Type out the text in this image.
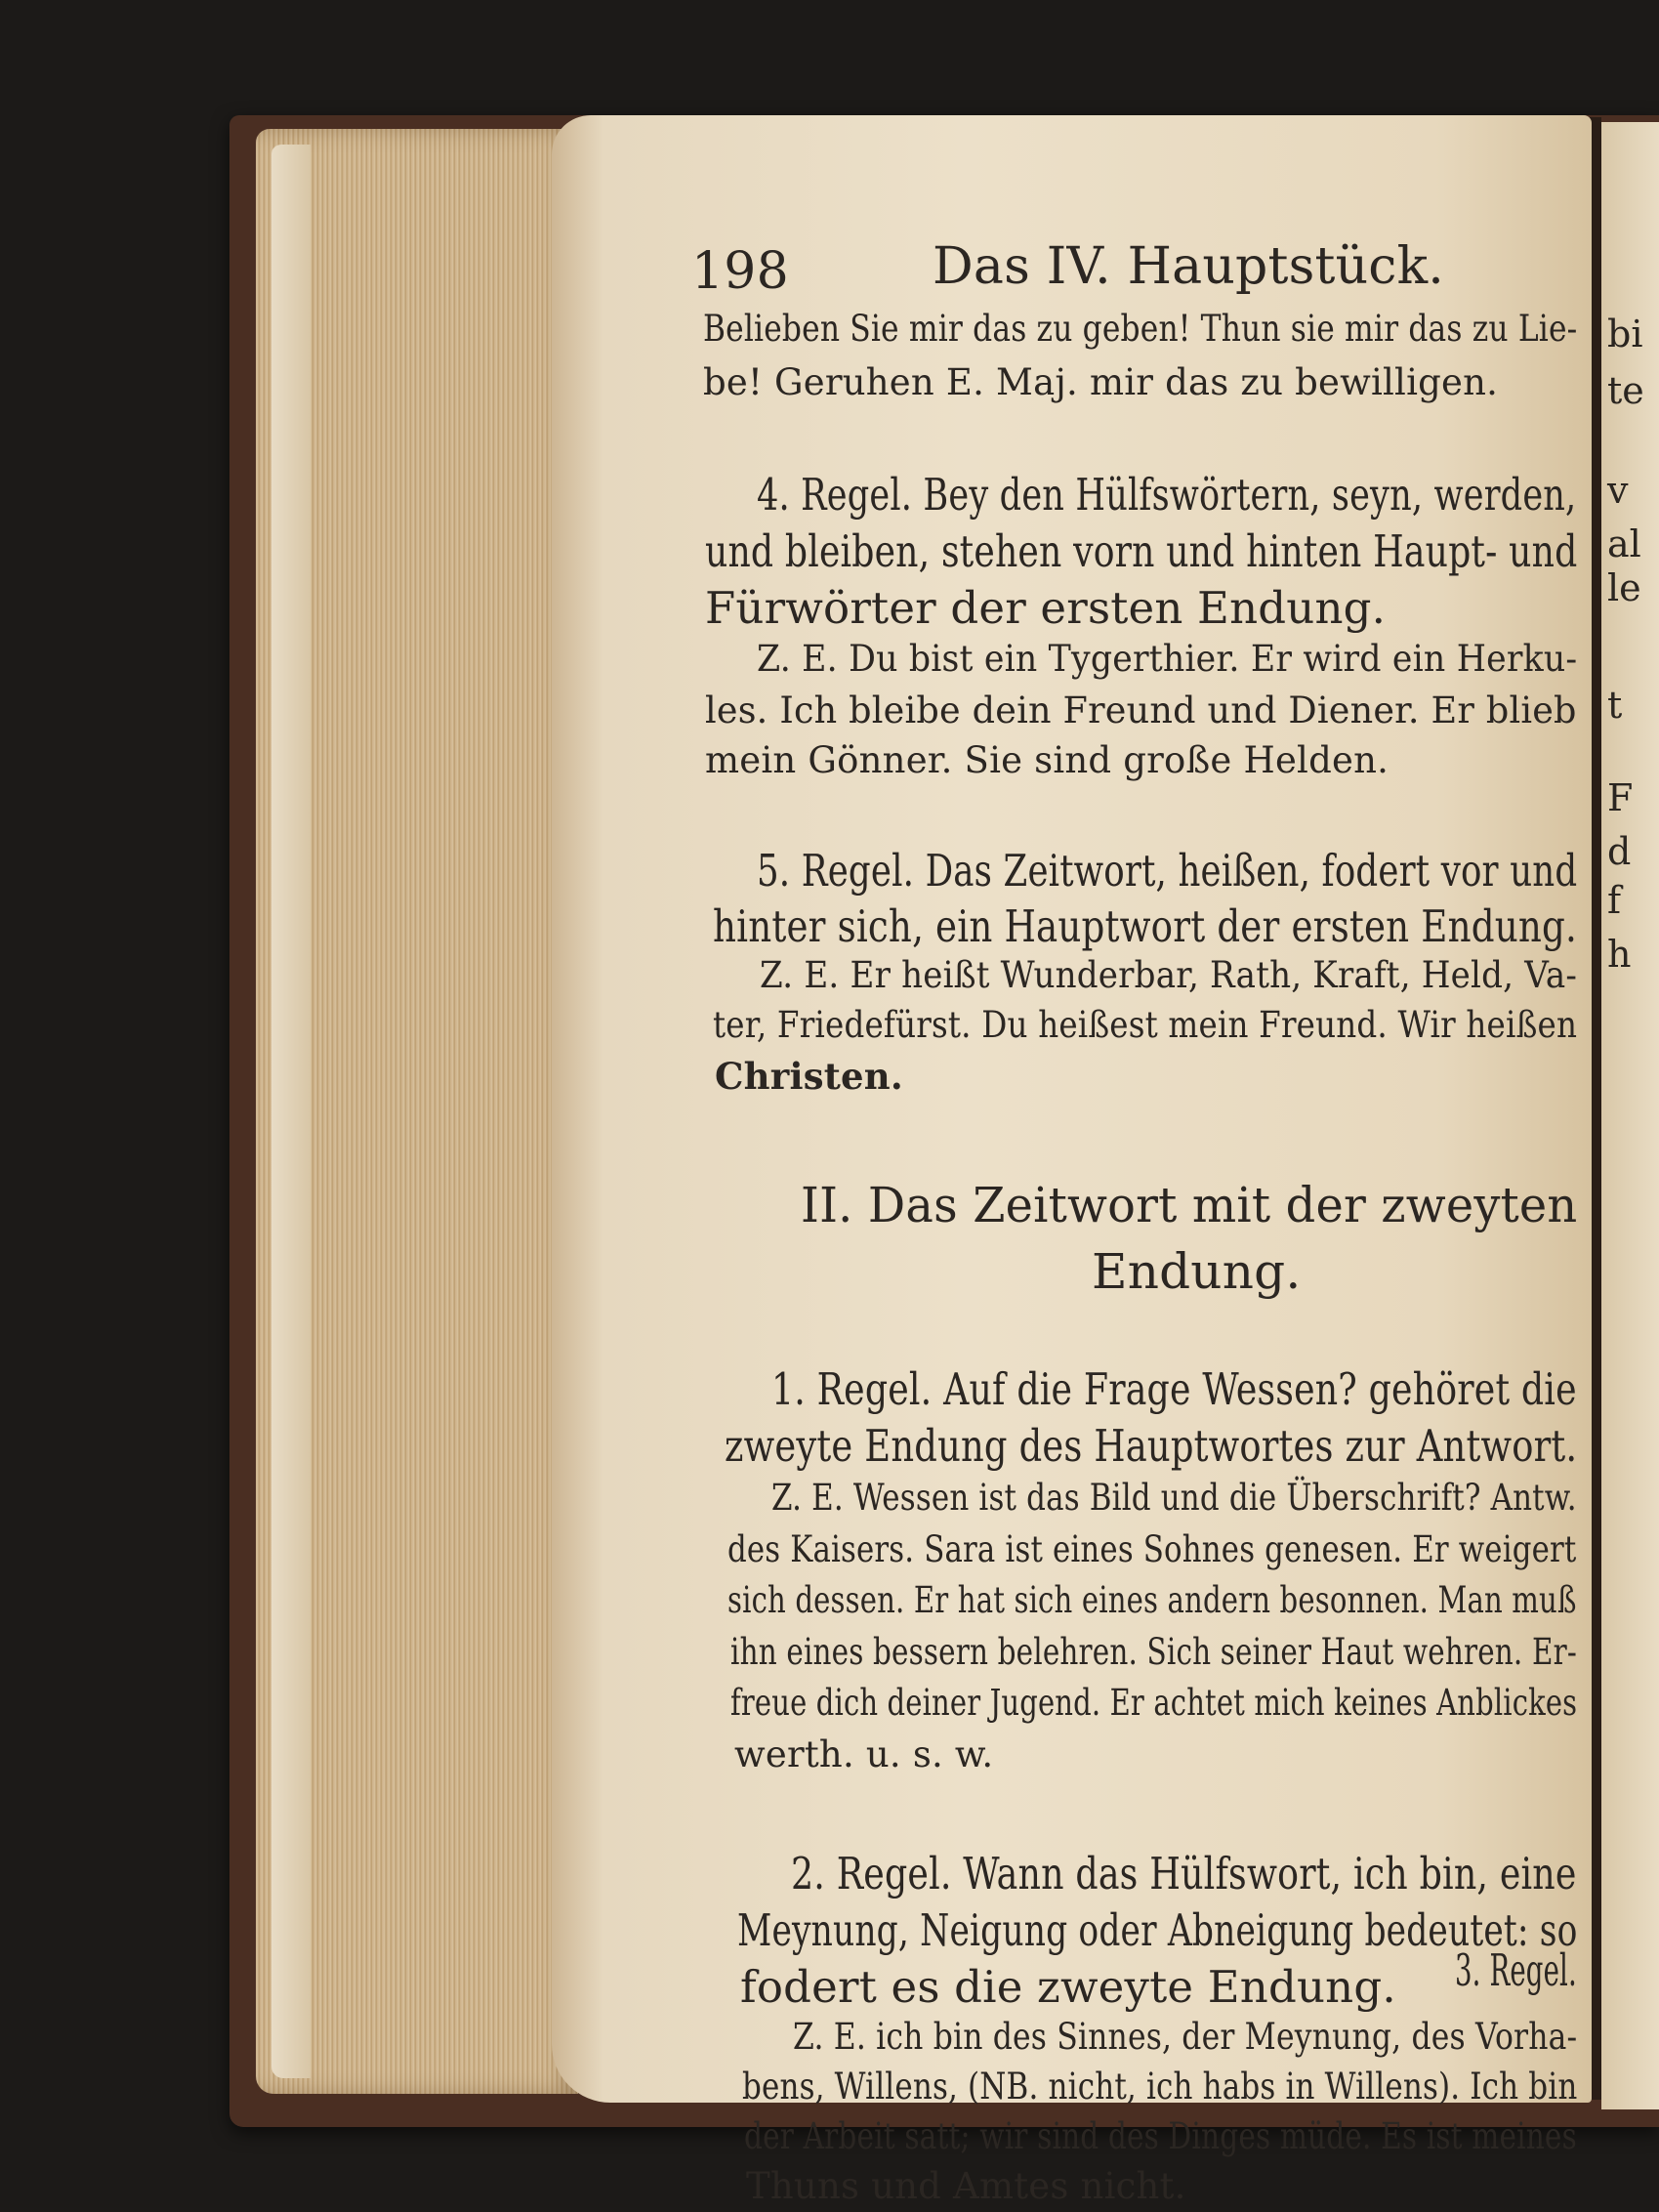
bi
te
v
al
le
t
F
d
f
h
198	Das IV. Hauptstück.
Belieben Sie mir das zu geben! Thun sie mir das zu Lie-
be! Geruhen E. Maj. mir das zu bewilligen.
4. Regel. Bey den Hülfswörtern, seyn, werden,
und bleiben, stehen vorn und hinten Haupt- und
Fürwörter der ersten Endung.
Z. E. Du bist ein Tygerthier. Er wird ein Herku-
les. Ich bleibe dein Freund und Diener. Er blieb
mein Gönner. Sie sind große Helden.
5. Regel. Das Zeitwort, heißen, fodert vor und
hinter sich, ein Hauptwort der ersten Endung.
Z. E. Er heißt Wunderbar, Rath, Kraft, Held, Va-
ter, Friedefürst. Du heißest mein Freund. Wir heißen
Christen.
II. Das Zeitwort mit der zweyten
Endung.
1. Regel. Auf die Frage Wessen? gehöret die
zweyte Endung des Hauptwortes zur Antwort.
Z. E. Wessen ist das Bild und die Überschrift? Antw.
des Kaisers. Sara ist eines Sohnes genesen. Er weigert
sich dessen. Er hat sich eines andern besonnen. Man muß
ihn eines bessern belehren. Sich seiner Haut wehren. Er-
freue dich deiner Jugend. Er achtet mich keines Anblickes
werth. u. s. w.
2. Regel. Wann das Hülfswort, ich bin, eine
Meynung, Neigung oder Abneigung bedeutet: so
fodert es die zweyte Endung.
Z. E. ich bin des Sinnes, der Meynung, des Vorha-
bens, Willens, (NB. nicht, ich habs in Willens). Ich bin
der Arbeit satt; wir sind des Dinges müde. Es ist meines
Thuns und Amtes nicht.
3. Regel.
